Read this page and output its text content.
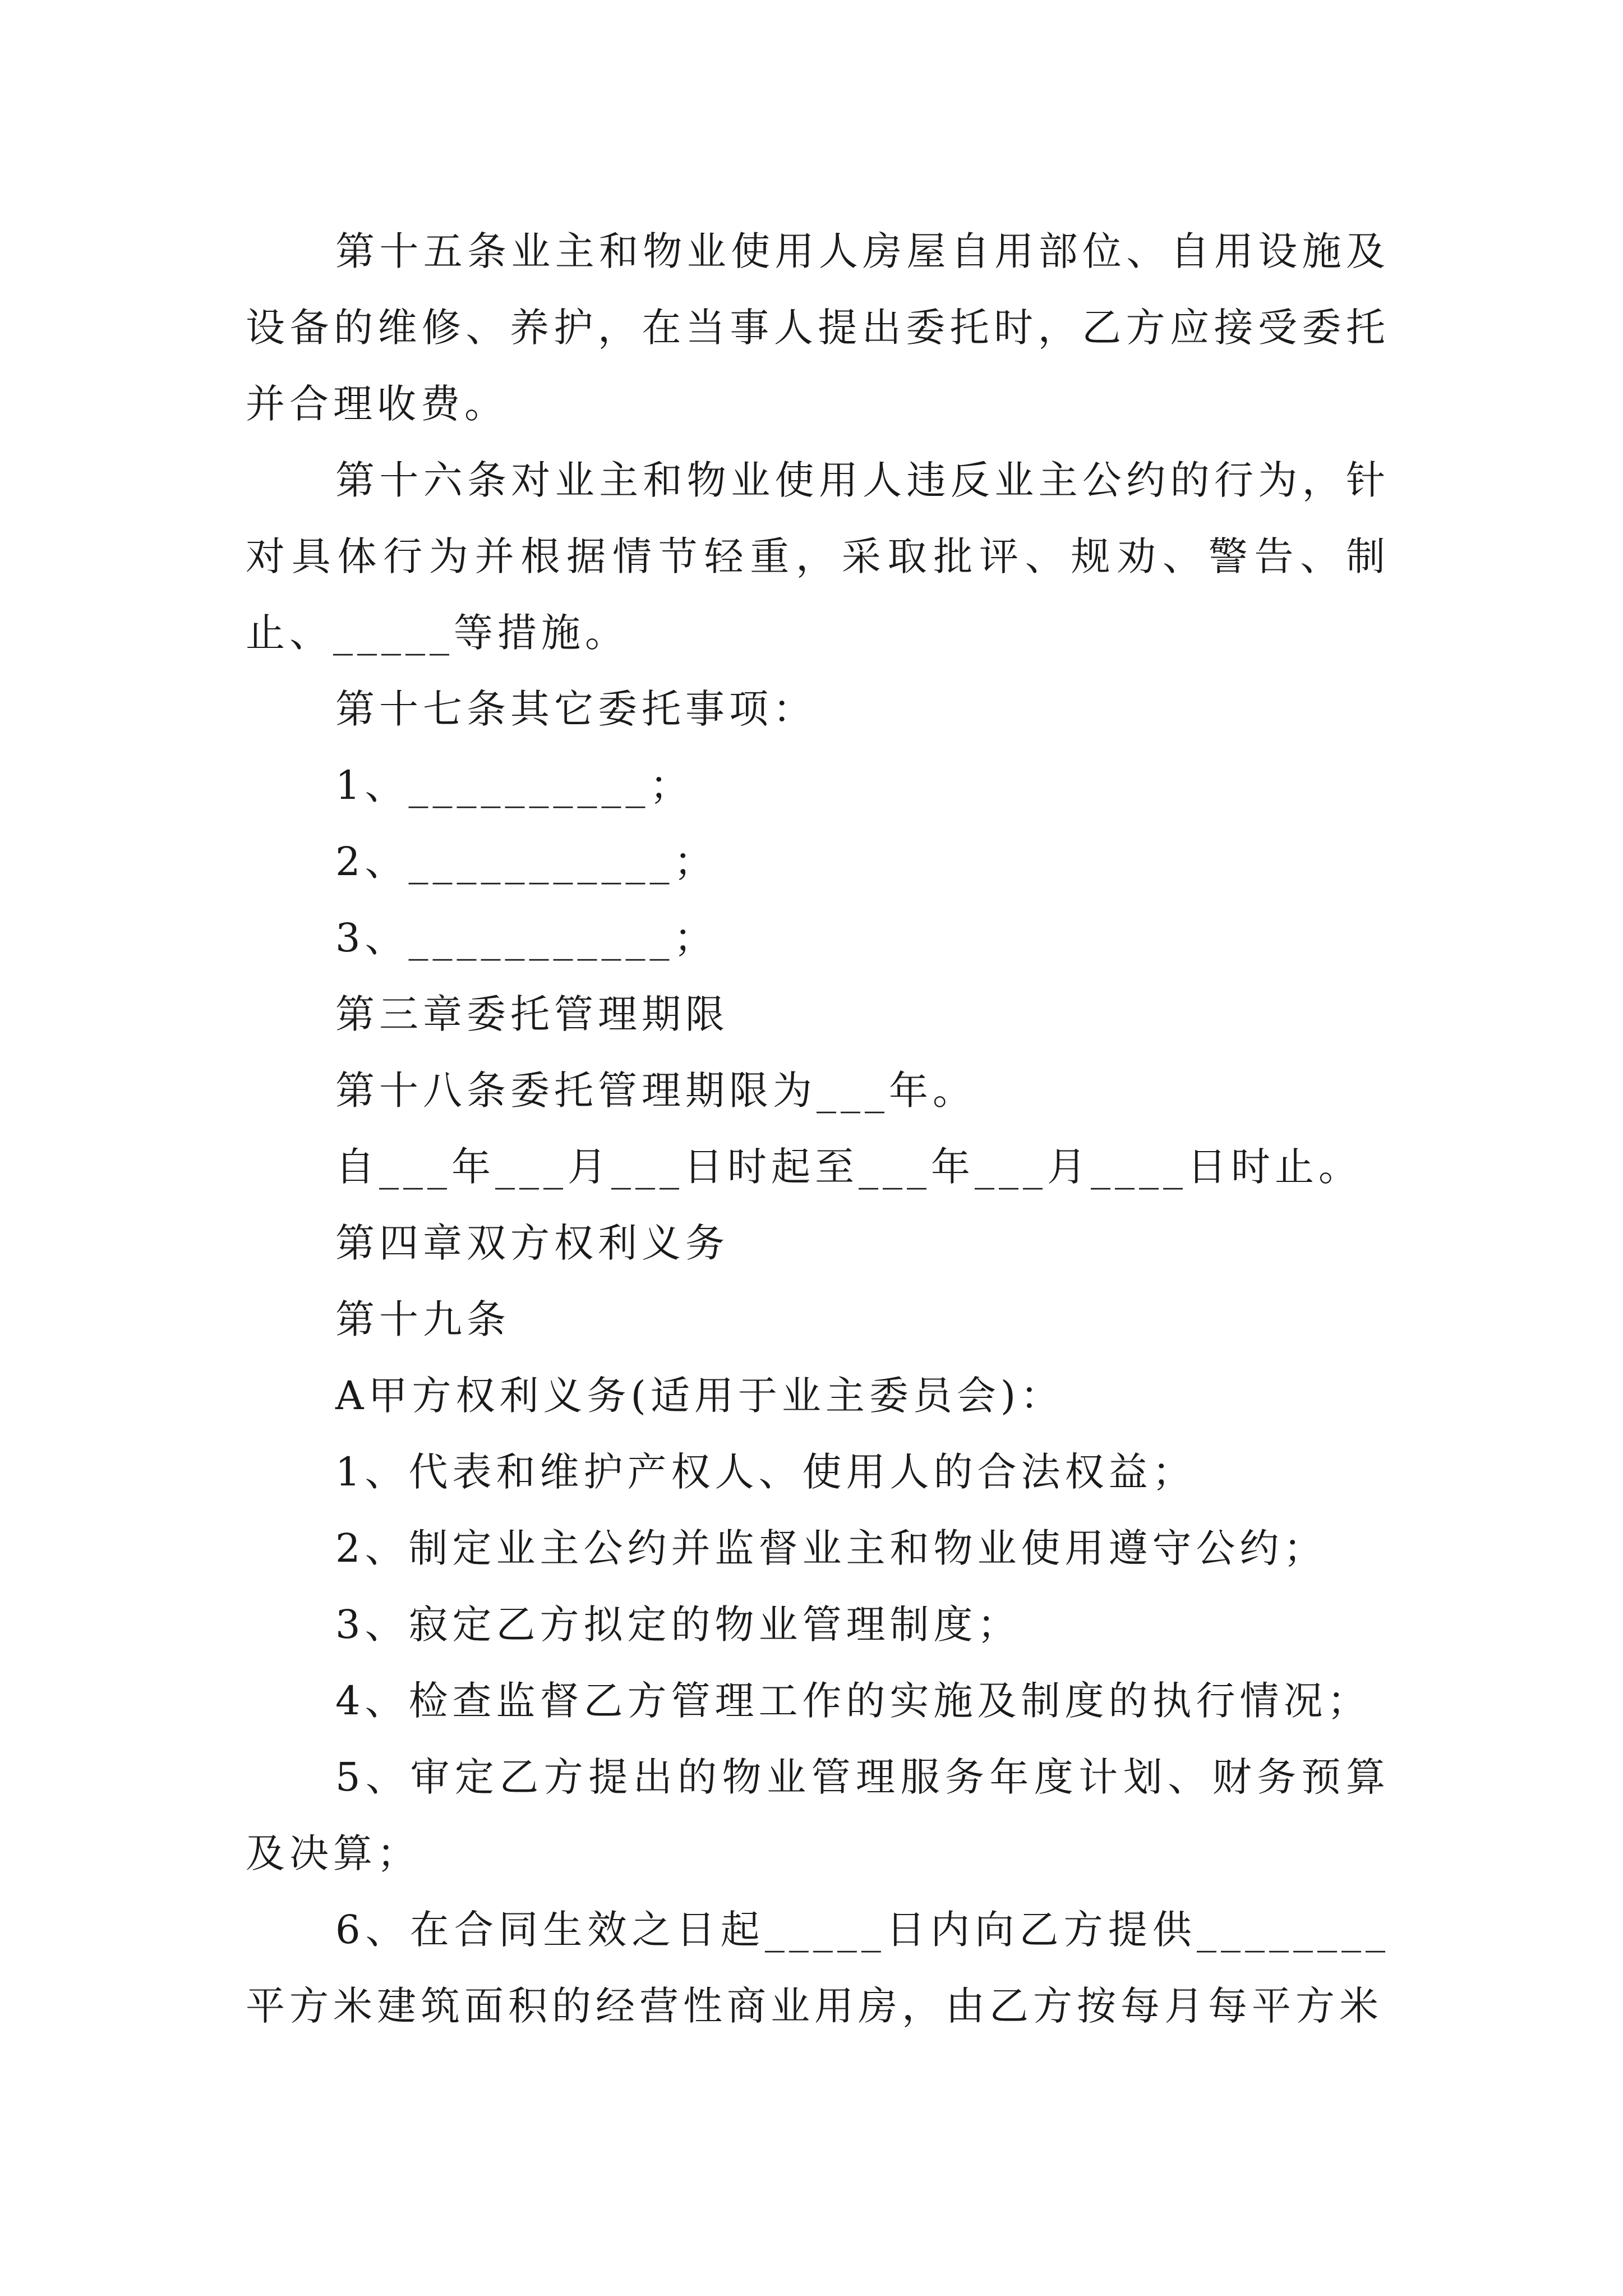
第十五条业主和物业使用人房屋自用部位、自用设施及设备的维修、养护，在当事人提出委托时，乙方应接受委托并合理收费。

第十六条对业主和物业使用人违反业主公约的行为，针对具体行为并根据情节轻重，采取批评、规劝、警告、制止、_____等措施。

第十七条其它委托事项：

1、__________；

2、___________；

3、___________；

第三章委托管理期限

第十八条委托管理期限为___年。

自___年___月___日时起至___年___月____日时止。

第四章双方权利义务

第十九条

A甲方权利义务(适用于业主委员会)：

1、代表和维护产权人、使用人的合法权益；

2、制定业主公约并监督业主和物业使用遵守公约；

3、寂定乙方拟定的物业管理制度；

4、检查监督乙方管理工作的实施及制度的执行情况；

5、审定乙方提出的物业管理服务年度计划、财务预算及决算；

6、在合同生效之日起_____日内向乙方提供________平方米建筑面积的经营性商业用房，由乙方按每月每平方米
